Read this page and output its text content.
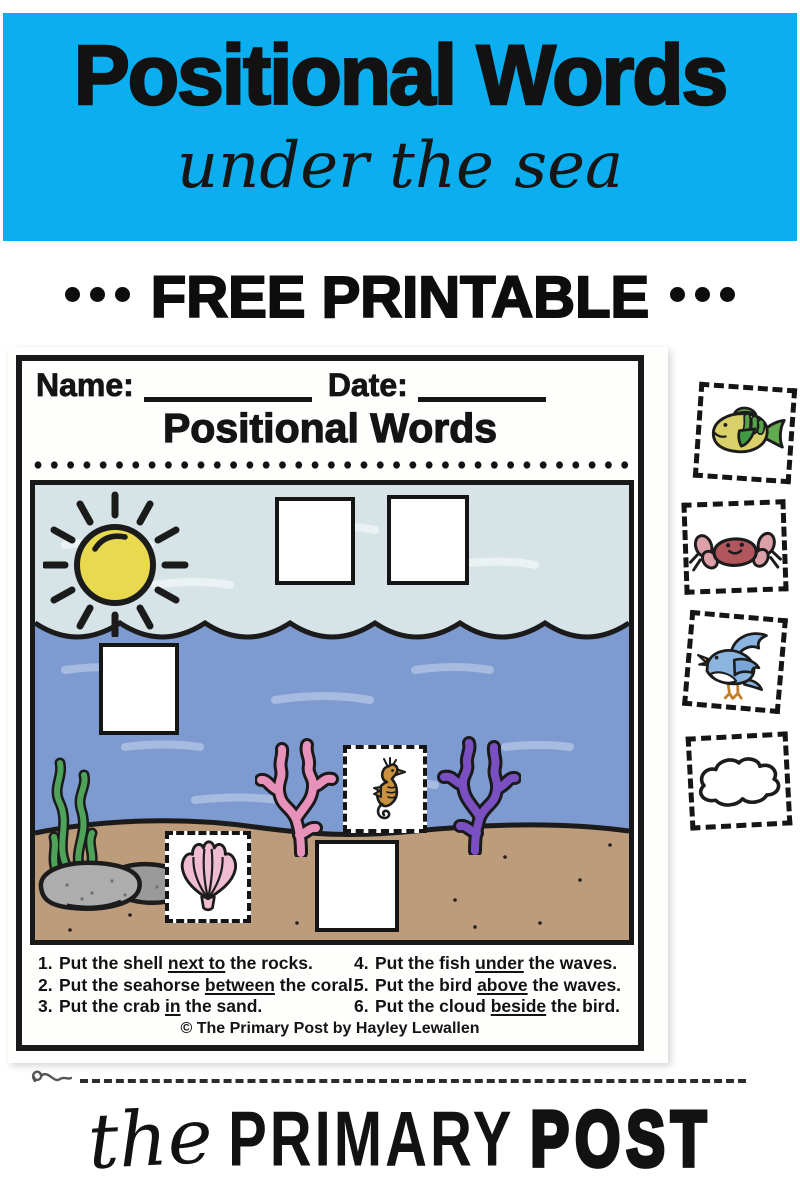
Positional Words
under the sea
FREE PRINTABLE
Name:	Date:
Positional Words
1. Put the shell next to the rocks.
2. Put the seahorse between the coral.
3. Put the crab in the sand.
4. Put the fish under the waves.
5. Put the bird above the waves.
6. Put the cloud beside the bird.
© The Primary Post by Hayley Lewallen
the PRIMARY POST
